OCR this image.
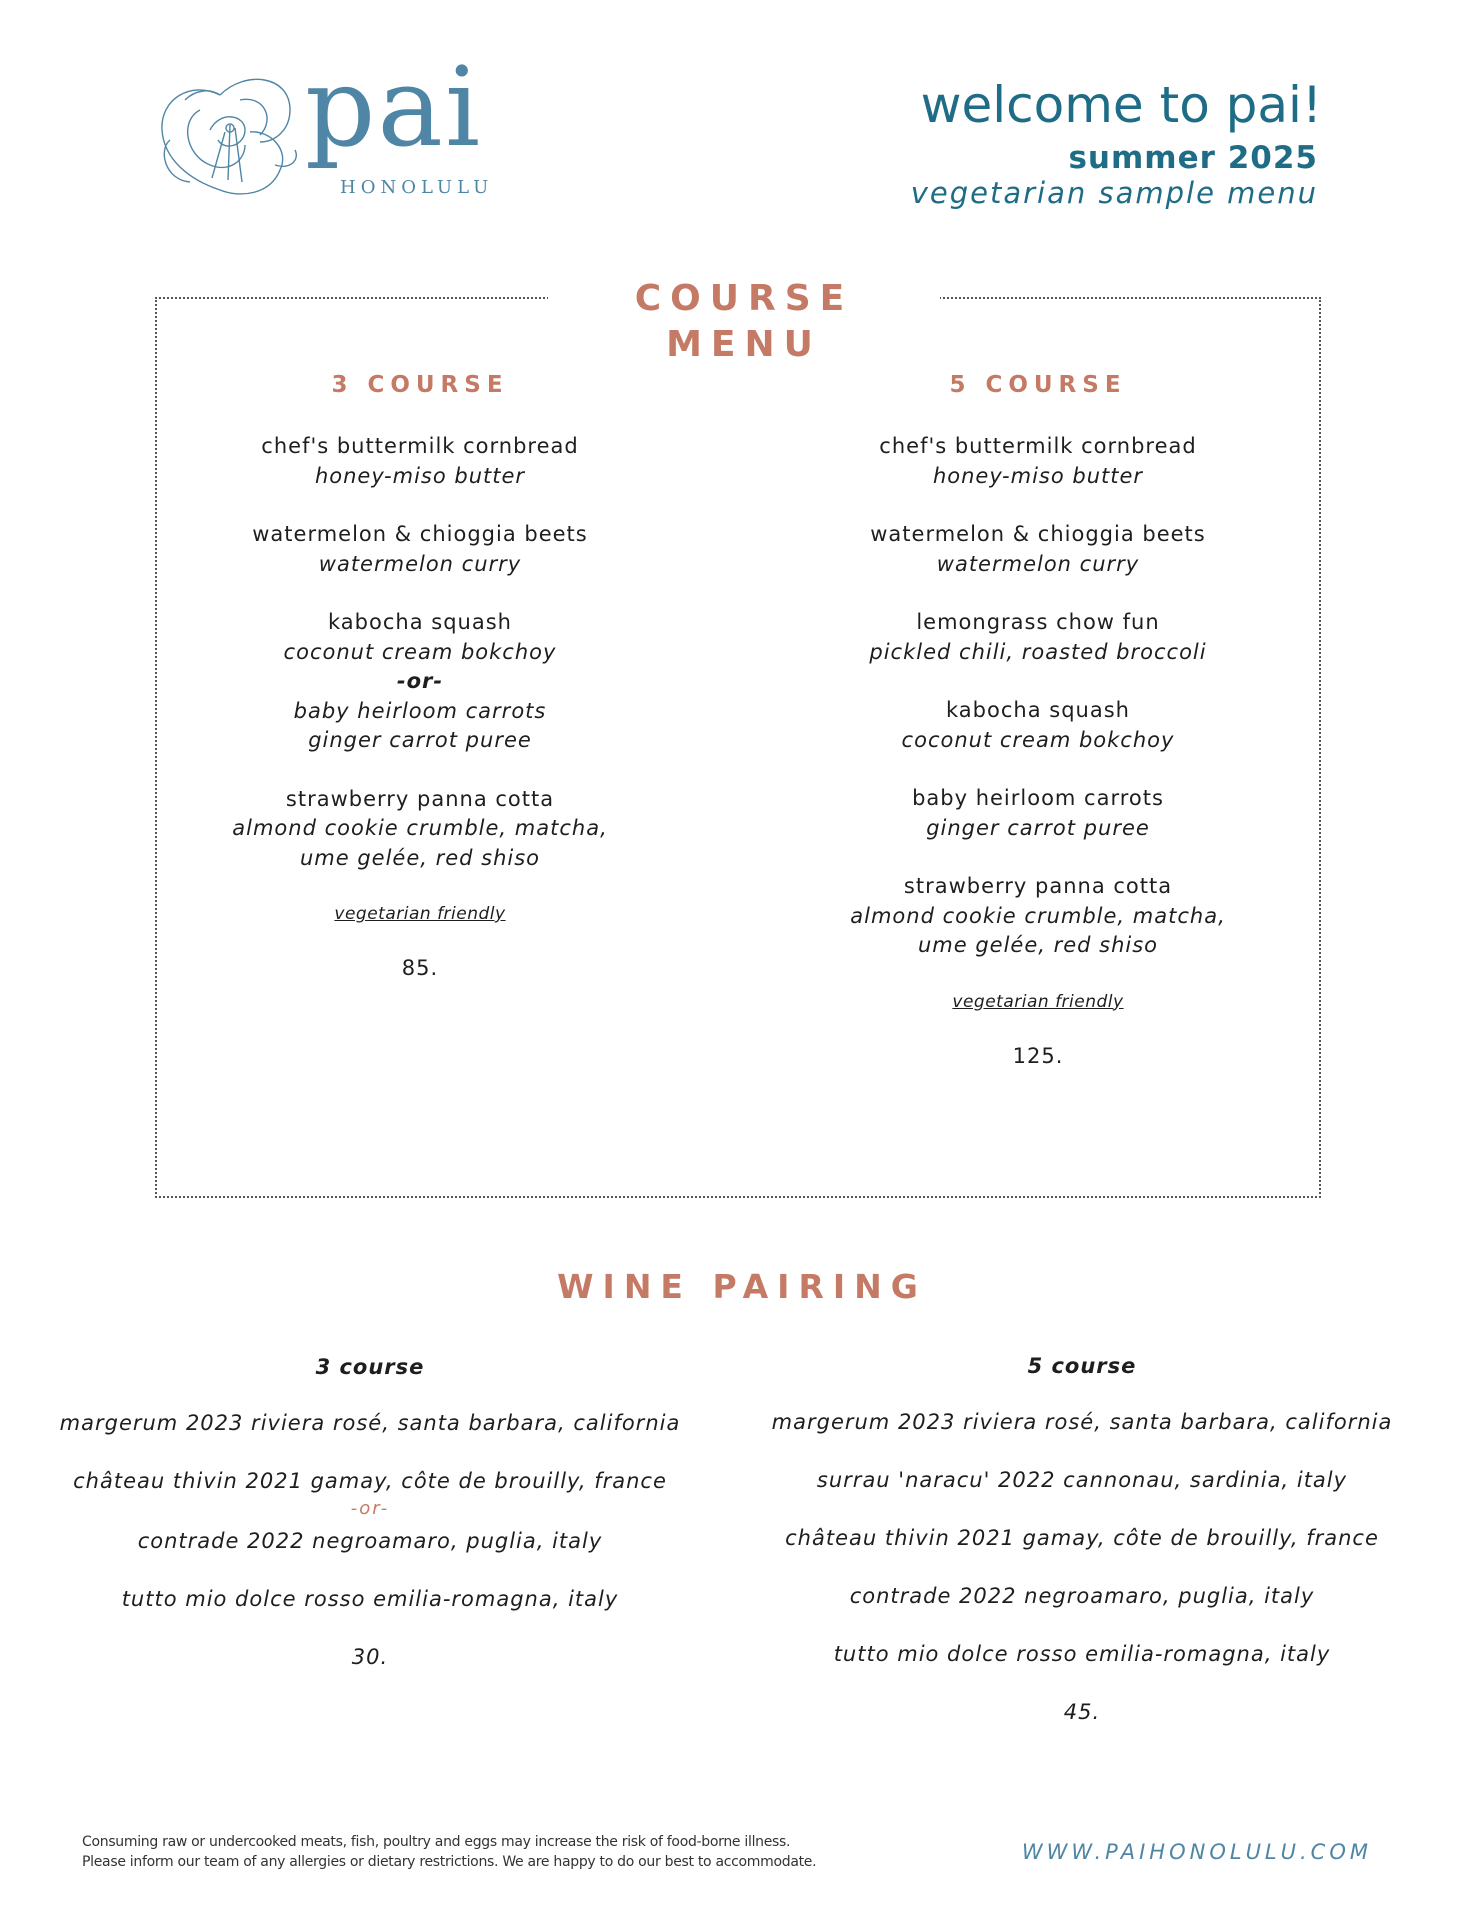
pai
HONOLULU
welcome to pai!
summer 2025
vegetarian sample menu
COURSE MENU
3 COURSE
chef's buttermilk cornbread
honey-miso butter
watermelon & chioggia beets
watermelon curry
kabocha squash
coconut cream bokchoy
-or-
baby heirloom carrots
ginger carrot puree
strawberry panna cotta
almond cookie crumble, matcha,
ume gelée, red shiso
vegetarian friendly
85.
5 COURSE
chef's buttermilk cornbread
honey-miso butter
watermelon & chioggia beets
watermelon curry
lemongrass chow fun
pickled chili, roasted broccoli
kabocha squash
coconut cream bokchoy
baby heirloom carrots
ginger carrot puree
strawberry panna cotta
almond cookie crumble, matcha,
ume gelée, red shiso
vegetarian friendly
125.
WINE PAIRING
3 course
margerum 2023 riviera rosé, santa barbara, california
château thivin 2021 gamay, côte de brouilly, france
-or-
contrade 2022 negroamaro, puglia, italy
tutto mio dolce rosso emilia-romagna, italy
30.
5 course
margerum 2023 riviera rosé, santa barbara, california
surrau 'naracu' 2022 cannonau, sardinia, italy
château thivin 2021 gamay, côte de brouilly, france
contrade 2022 negroamaro, puglia, italy
tutto mio dolce rosso emilia-romagna, italy
45.
Consuming raw or undercooked meats, fish, poultry and eggs may increase the risk of food-borne illness.
Please inform our team of any allergies or dietary restrictions. We are happy to do our best to accommodate.	WWW.PAIHONOLULU.COM
